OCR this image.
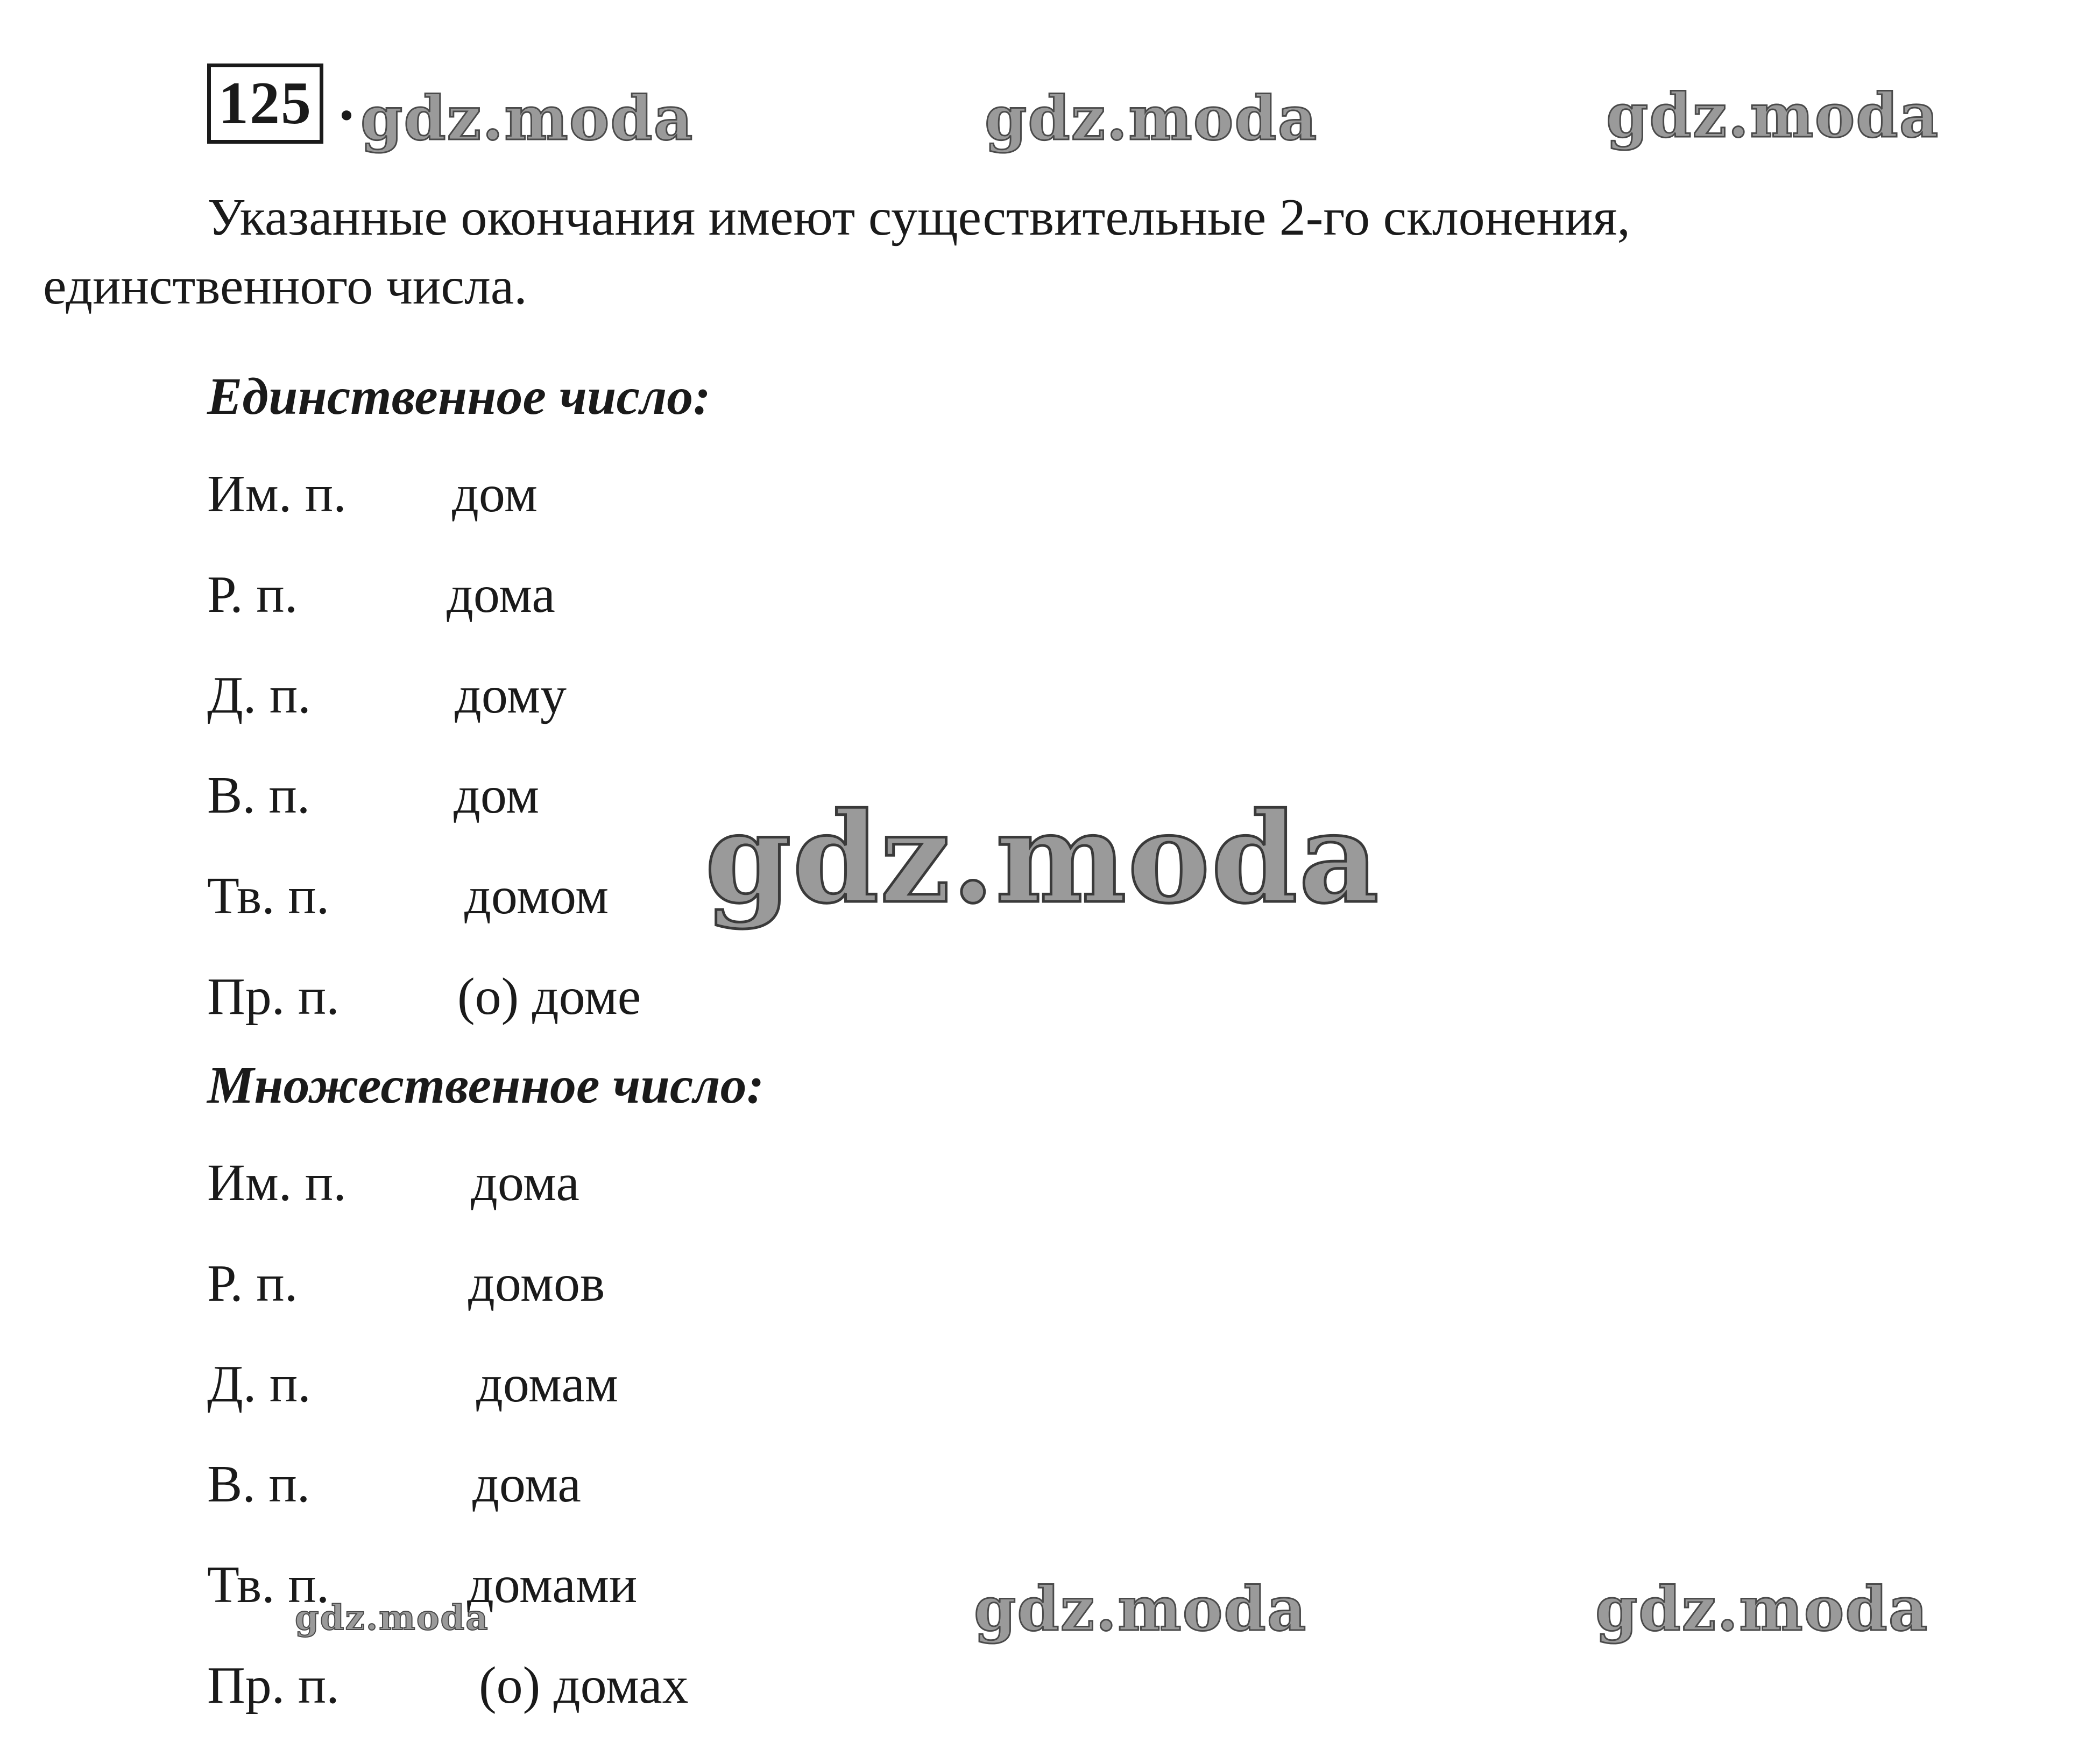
125 . gdz.moda	gdz.moda	gdz.moda

Указанные окончания имеют существительные 2-го склонения, единственного числа.

Единственное число:

Им. п. дом
Р. п.	дома
Д. п.	дому
В. п.	дом
Тв. п.	домом
Пр. п. (о) доме
gdz.moda

Множественное число:

Им. п. дома
Р. п.	домов
Д. п.	домам
В. п.	дома
Тв. п.	домами
Пр. п.	(о) домах
gdz.moda	gdz.moda	gdz.moda
